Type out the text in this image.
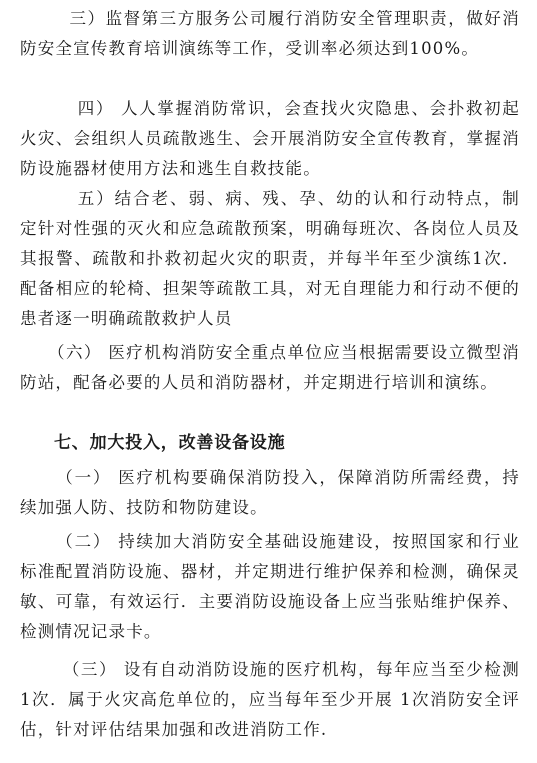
三）监督第三方服务公司履行消防安全管理职责，做好消防安全宣传教育培训演练等工作，受训率必须达到100%。

四） 人人掌握消防常识，会查找火灾隐患、会扑救初起火灾、会组织人员疏散逃生、会开展消防安全宣传教育，掌握消防设施器材使用方法和逃生自救技能。

五）结合老、弱、病、残、孕、幼的认和行动特点，制定针对性强的灭火和应急疏散预案，明确每班次、各岗位人员及其报警、疏散和扑救初起火灾的职责，并每半年至少演练1次．配备相应的轮椅、担架等疏散工具，对无自理能力和行动不便的患者逐一明确疏散救护人员

（六） 医疗机构消防安全重点单位应当根据需要设立微型消防站，配备必要的人员和消防器材，并定期进行培训和演练。

七、加大投入，改善设备设施

（一） 医疗机构要确保消防投入，保障消防所需经费，持续加强人防、技防和物防建设。

（二） 持续加大消防安全基础设施建设，按照国家和行业标准配置消防设施、器材，并定期进行维护保养和检测，确保灵敏、可靠，有效运行．主要消防设施设备上应当张贴维护保养、检测情况记录卡。

（三） 设有自动消防设施的医疗机构，每年应当至少检测 1次．属于火灾高危单位的，应当每年至少开展 1次消防安全评估，针对评估结果加强和改进消防工作.
